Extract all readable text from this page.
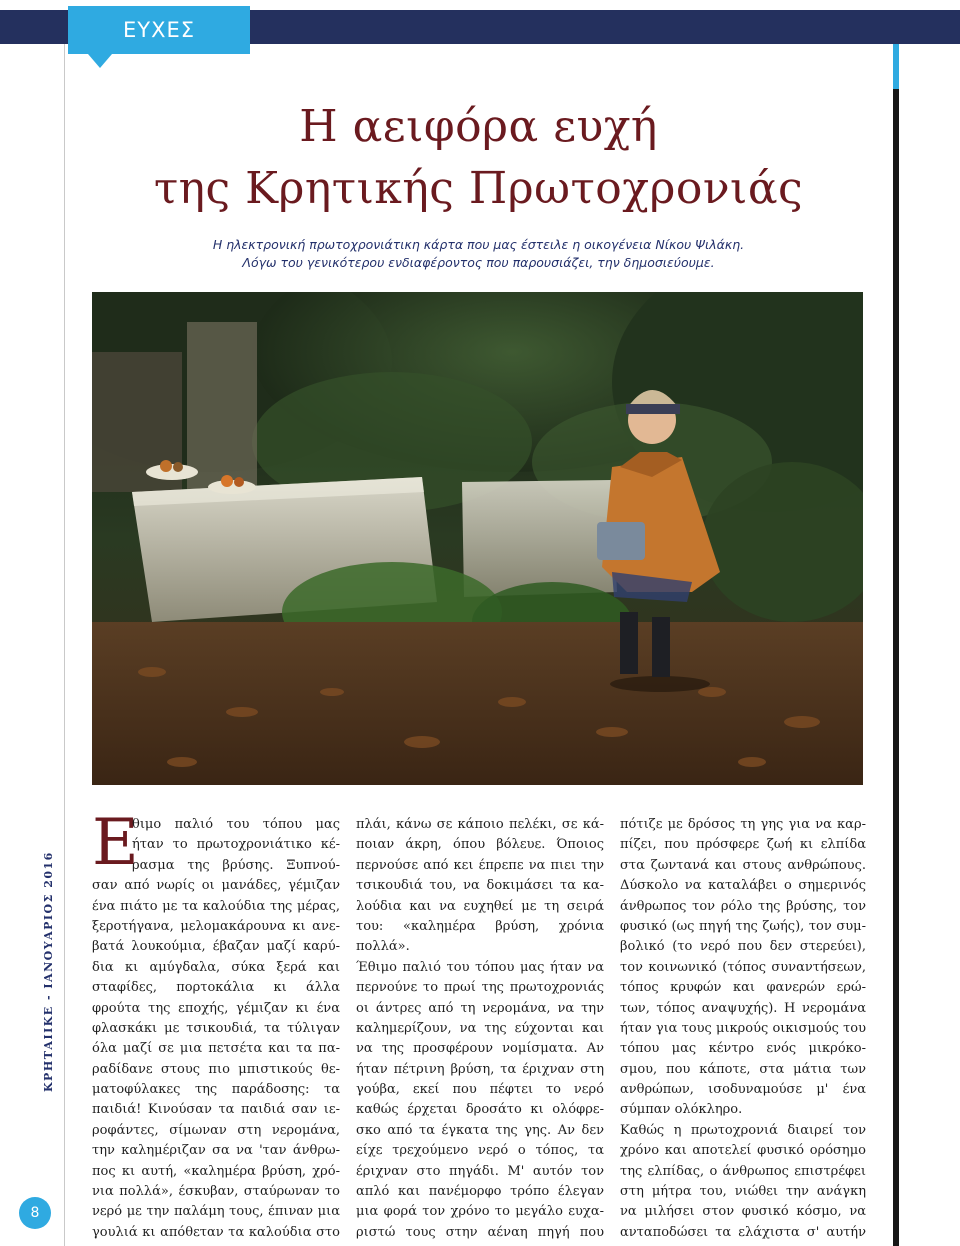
ΕΥΧΕΣ
Η αειφόρα ευχή
της Κρητικής Πρωτοχρονιάς
Η ηλεκτρονική πρωτοχρονιάτικη κάρτα που μας έστειλε η οικογένεια Νίκου Ψιλάκη.
Λόγω του γενικότερου ενδιαφέροντος που παρουσιάζει, την δημοσιεύουμε.
ΚΡΗΤΑΙΙΚΕ - ΙΑΝΟΥΑΡΙΟΣ 2016
8
Ε
θιμο παλιό του τόπου μας
ήταν το πρωτοχρονιάτικο κέ-
ρασμα της βρύσης. Ξυπνού-
σαν από νωρίς οι μανάδες, γέμιζαν
ένα πιάτο με τα καλούδια της μέρας,
ξεροτήγανα, μελομακάρουνα κι ανε-
βατά λουκούμια, έβαζαν μαζί καρύ-
δια κι αμύγδαλα, σύκα ξερά και
σταφίδες, πορτοκάλια κι άλλα
φρούτα της εποχής, γέμιζαν κι ένα
φλασκάκι με τσικουδιά, τα τύλιγαν
όλα μαζί σε μια πετσέτα και τα πα-
ραδίδανε στους πιο μπιστικούς θε-
ματοφύλακες της παράδοσης: τα
παιδιά! Κινούσαν τα παιδιά σαν ιε-
ροφάντες, σίμωναν στη νερομάνα,
την καλημέριζαν σα να 'ταν άνθρω-
πος κι αυτή, «καλημέρα βρύση, χρό-
νια πολλά», έσκυβαν, σταύρωναν το
νερό με την παλάμη τους, έπιναν μια
γουλιά κι απόθεταν τα καλούδια στο
πλάι, κάνω σε κάποιο πελέκι, σε κά-
ποιαν άκρη, όπου βόλευε. Όποιος
περνούσε από κει έπρεπε να πιει την
τσικουδιά του, να δοκιμάσει τα κα-
λούδια και να ευχηθεί με τη σειρά
του: «καλημέρα βρύση, χρόνια
πολλά».
Έθιμο παλιό του τόπου μας ήταν να
περνούνε το πρωί της πρωτοχρονιάς
οι άντρες από τη νερομάνα, να την
καλημερίζουν, να της εύχονται και
να της προσφέρουν νομίσματα. Αν
ήταν πέτρινη βρύση, τα έριχναν στη
γούβα, εκεί που πέφτει το νερό
καθώς έρχεται δροσάτο κι ολόφρε-
σκο από τα έγκατα της γης. Αν δεν
είχε τρεχούμενο νερό ο τόπος, τα
έριχναν στο πηγάδι. Μ' αυτόν τον
απλό και πανέμορφο τρόπο έλεγαν
μια φορά τον χρόνο το μεγάλο ευχα-
ριστώ τους στην αέναη πηγή που
πότιζε με δρόσος τη γης για να καρ-
πίζει, που πρόσφερε ζωή κι ελπίδα
στα ζωντανά και στους ανθρώπους.
Δύσκολο να καταλάβει ο σημερινός
άνθρωπος τον ρόλο της βρύσης, τον
φυσικό (ως πηγή της ζωής), τον συμ-
βολικό (το νερό που δεν στερεύει),
τον κοινωνικό (τόπος συναντήσεων,
τόπος κρυφών και φανερών ερώ-
των, τόπος αναψυχής). Η νερομάνα
ήταν για τους μικρούς οικισμούς του
τόπου μας κέντρο ενός μικρόκο-
σμου, που κάποτε, στα μάτια των
ανθρώπων, ισοδυναμούσε μ' ένα
σύμπαν ολόκληρο.
Καθώς η πρωτοχρονιά διαιρεί τον
χρόνο και αποτελεί φυσικό ορόσημο
της ελπίδας, ο άνθρωπος επιστρέφει
στη μήτρα του, νιώθει την ανάγκη
να μιλήσει στον φυσικό κόσμο, να
ανταποδώσει τα ελάχιστα σ' αυτήν
